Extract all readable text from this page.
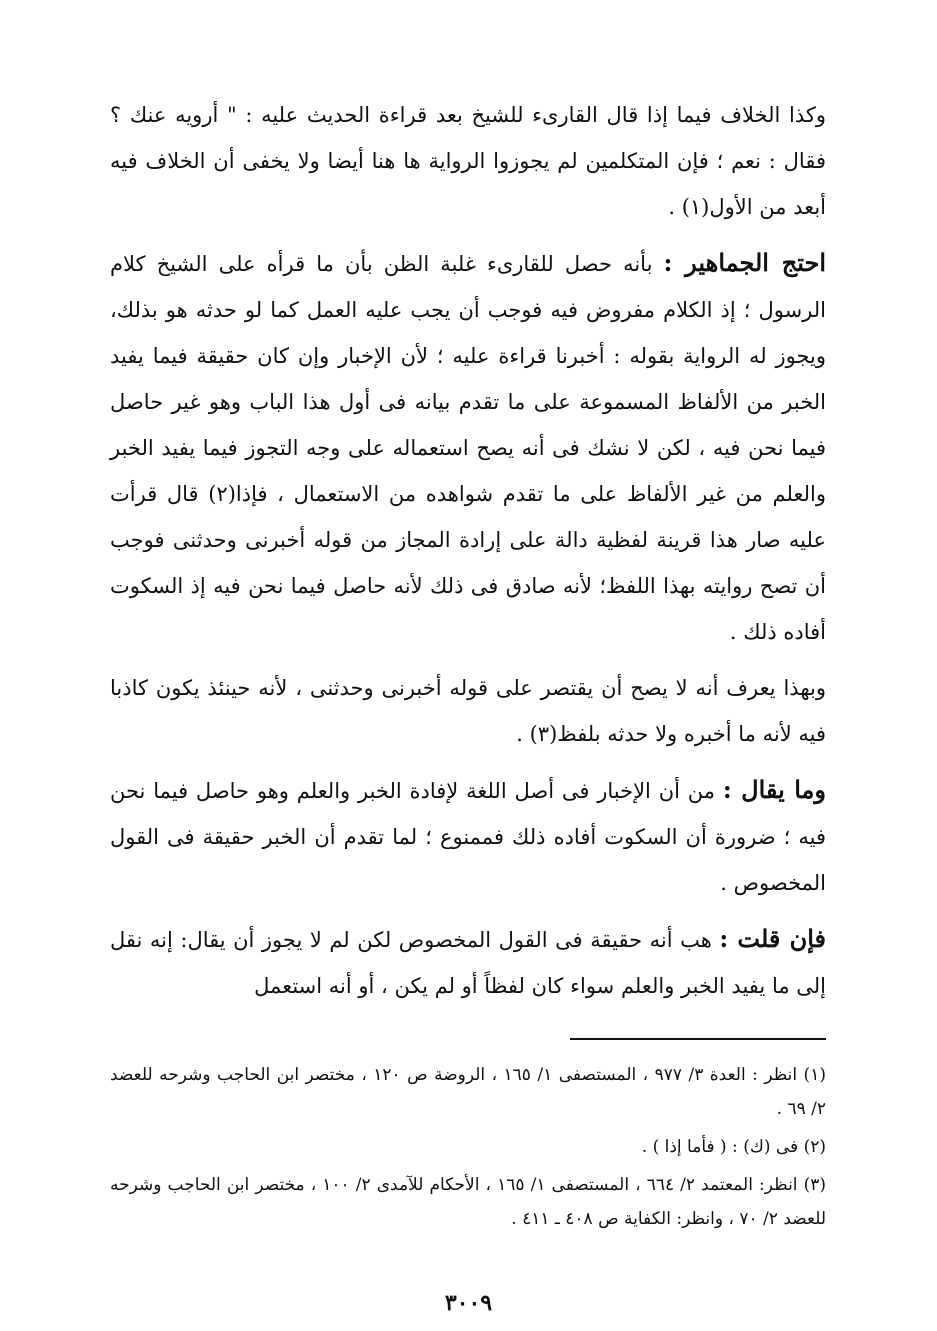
وكذا الخلاف فيما إذا قال القارىء للشيخ بعد قراءة الحديث عليه : " أرويه عنك ؟ فقال : نعم ؛ فإن المتكلمين لم يجوزوا الرواية ها هنا أيضا ولا يخفى أن الخلاف فيه أبعد من الأول(١) .

احتج الجماهير : بأنه حصل للقارىء غلبة الظن بأن ما قرأه على الشيخ كلام الرسول ؛ إذ الكلام مفروض فيه فوجب أن يجب عليه العمل كما لو حدثه هو بذلك، ويجوز له الرواية بقوله : أخبرنا قراءة عليه ؛ لأن الإخبار وإن كان حقيقة فيما يفيد الخبر من الألفاظ المسموعة على ما تقدم بيانه فى أول هذا الباب وهو غير حاصل فيما نحن فيه ، لكن لا نشك فى أنه يصح استعماله على وجه التجوز فيما يفيد الخبر والعلم من غير الألفاظ على ما تقدم شواهده من الاستعمال ، فإذا(٢) قال قرأت عليه صار هذا قرينة لفظية دالة على إرادة المجاز من قوله أخبرنى وحدثنى فوجب أن تصح روايته بهذا اللفظ؛ لأنه صادق فى ذلك لأنه حاصل فيما نحن فيه إذ السكوت أفاده ذلك .

وبهذا يعرف أنه لا يصح أن يقتصر على قوله أخبرنى وحدثنى ، لأنه حينئذ يكون كاذبا فيه لأنه ما أخبره ولا حدثه بلفظ(٣) .

وما يقال : من أن الإخبار فى أصل اللغة لإفادة الخبر والعلم وهو حاصل فيما نحن فيه ؛ ضرورة أن السكوت أفاده ذلك فممنوع ؛ لما تقدم أن الخبر حقيقة فى القول المخصوص .

فإن قلت : هب أنه حقيقة فى القول المخصوص لكن لم لا يجوز أن يقال: إنه نقل إلى ما يفيد الخبر والعلم سواء كان لفظاً أو لم يكن ، أو أنه استعمل

(١) انظر : العدة ٣/ ٩٧٧ ، المستصفى ١/ ١٦٥ ، الروضة ص ١٢٠ ، مختصر ابن الحاجب وشرحه للعضد ٢/ ٦٩ .

(٢) فى (ك) : ( فأما إذا ) .

(٣) انظر: المعتمد ٢/ ٦٦٤ ، المستصفى ١/ ١٦٥ ، الأحكام للآمدى ٢/ ١٠٠ ، مختصر ابن الحاجب وشرحه للعضد ٢/ ٧٠ ، وانظر: الكفاية ص ٤٠٨ ـ ٤١١ .

٣٠٠٩
